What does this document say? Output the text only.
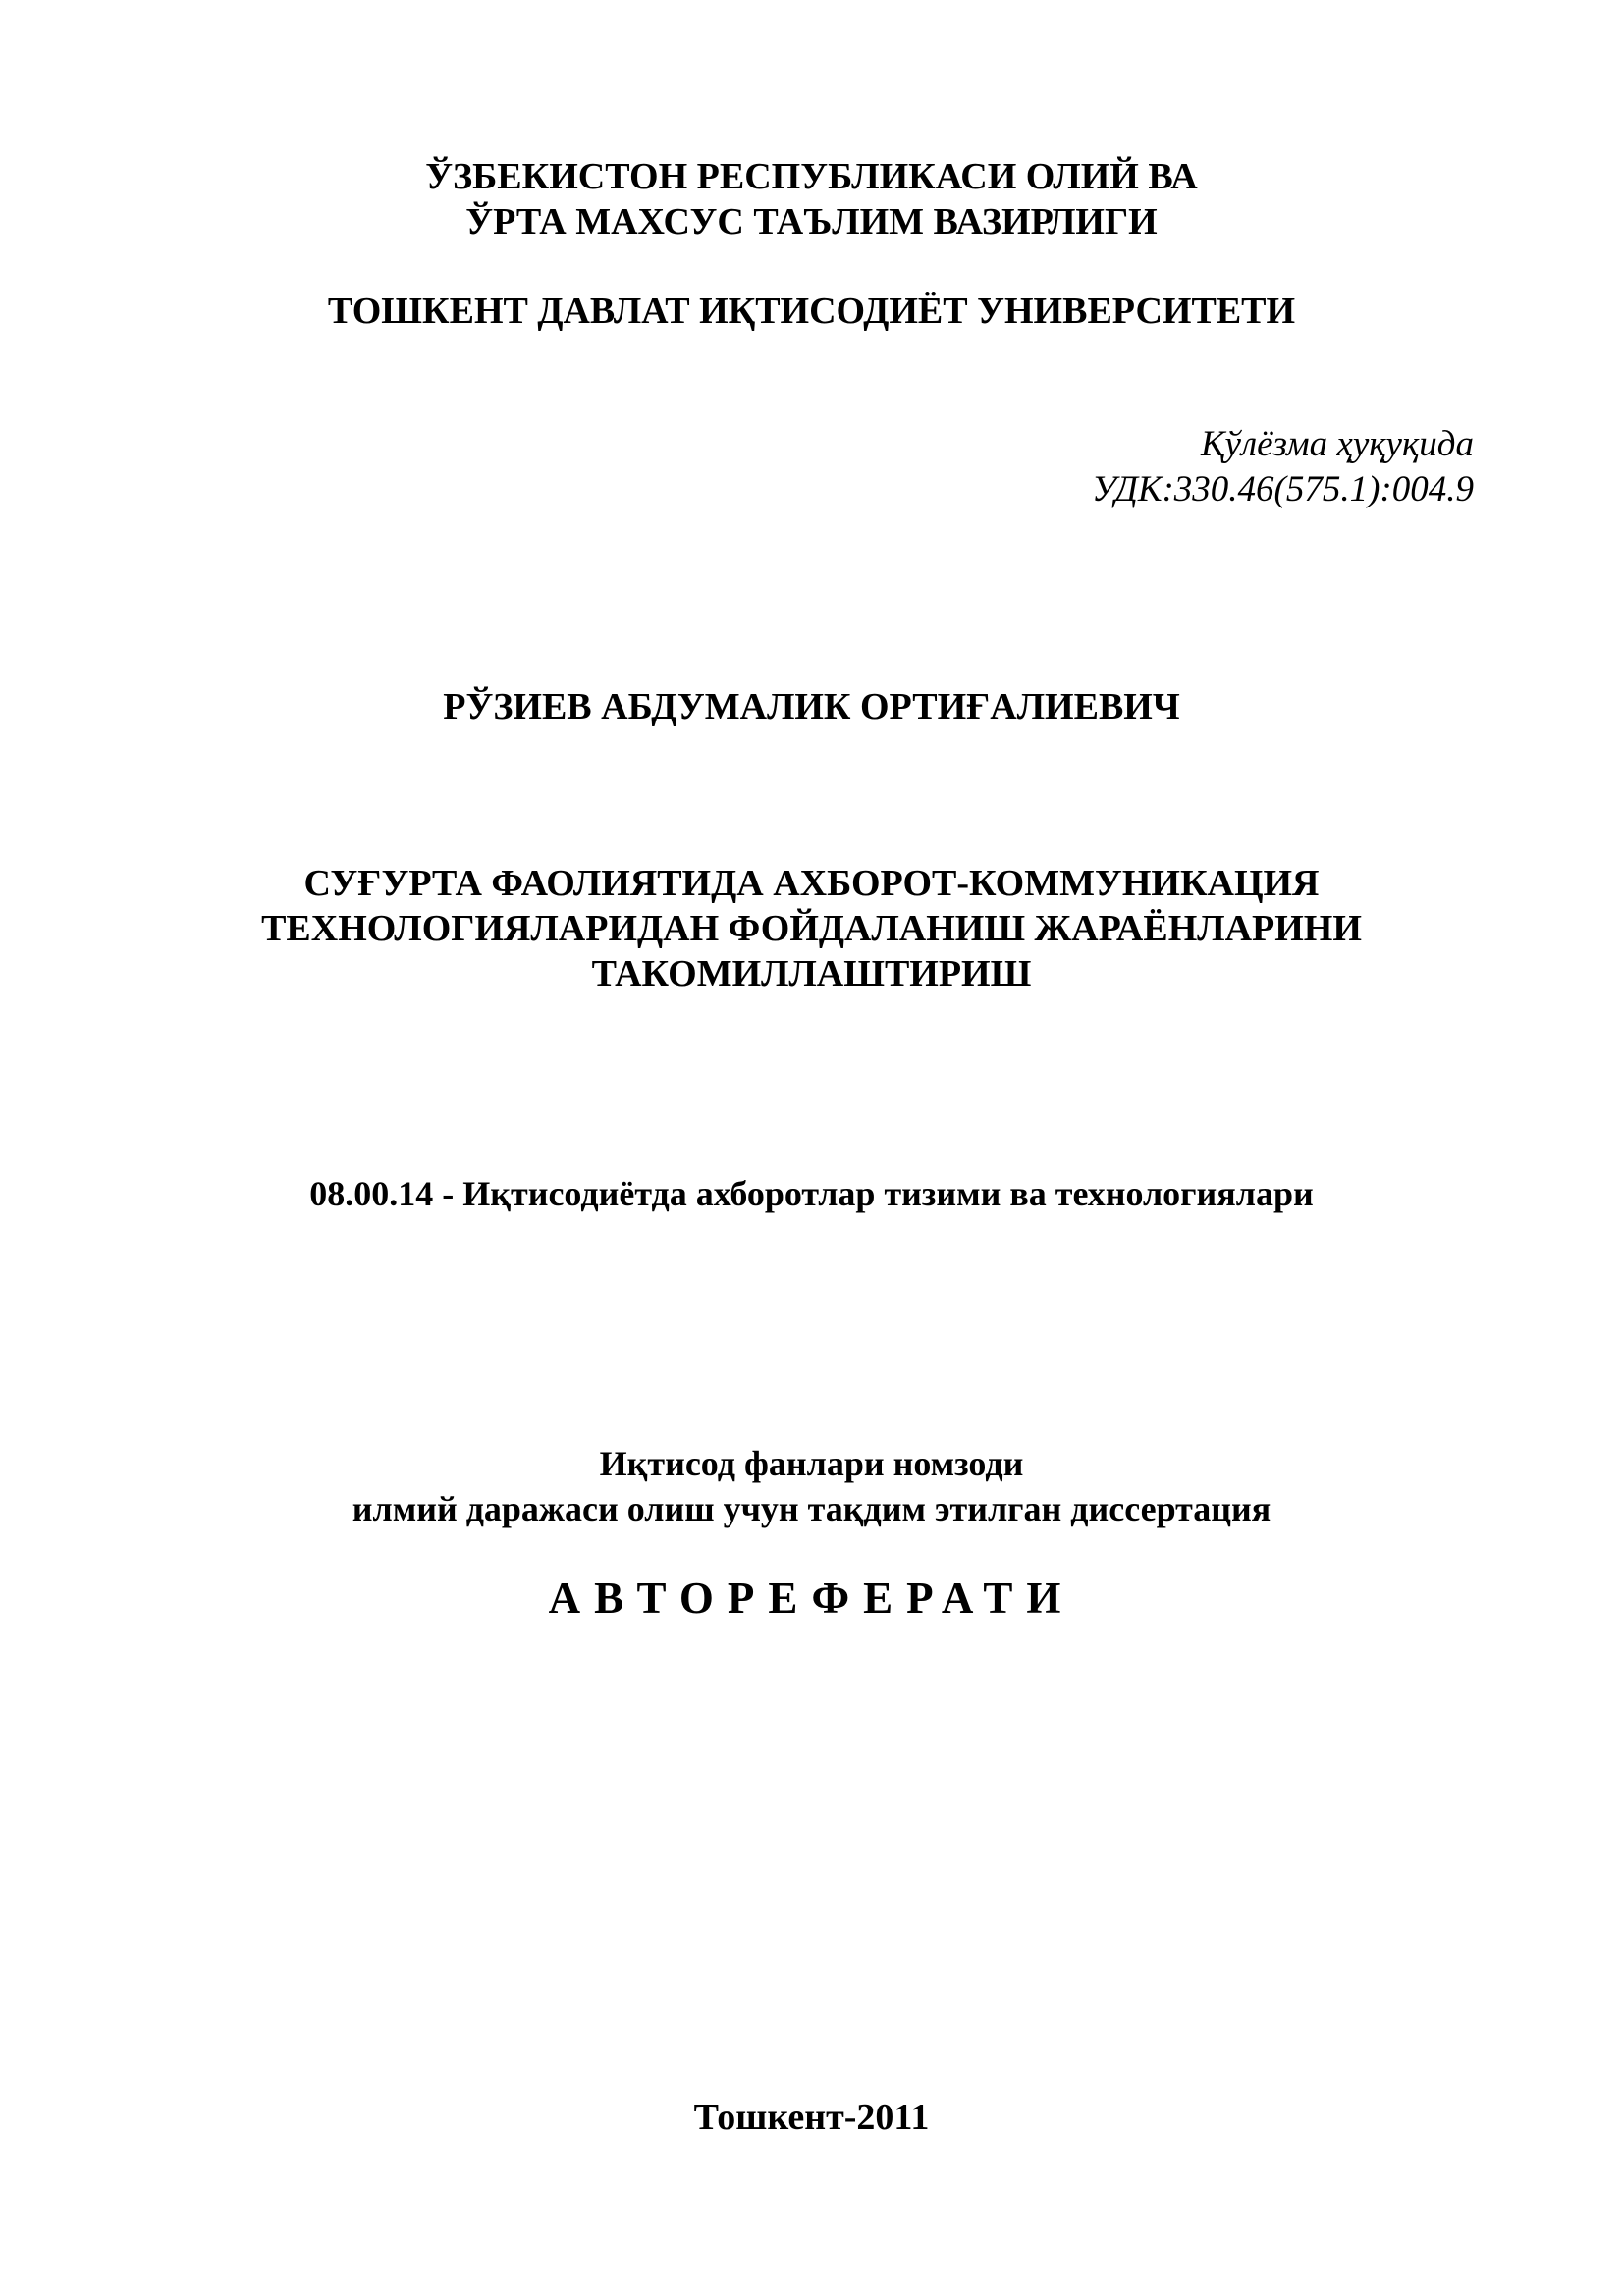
ЎЗБЕКИСТОН РЕСПУБЛИКАСИ ОЛИЙ ВА
ЎРТА МАХСУС ТАЪЛИМ ВАЗИРЛИГИ
ТОШКЕНТ ДАВЛАТ ИҚТИСОДИЁТ УНИВЕРСИТЕТИ
Қўлёзма ҳуқуқида
УДК:330.46(575.1):004.9
РЎЗИЕВ АБДУМАЛИК ОРТИҒАЛИЕВИЧ
СУҒУРТА ФАОЛИЯТИДА АХБОРОТ-КОММУНИКАЦИЯ
ТЕХНОЛОГИЯЛАРИДАН ФОЙДАЛАНИШ ЖАРАЁНЛАРИНИ
ТАКОМИЛЛАШТИРИШ
08.00.14 - Иқтисодиётда ахборотлар тизими ва технологиялари
Иқтисод фанлари номзоди
илмий даражаси олиш учун тақдим этилган диссертация
АВТОРЕФЕРАТИ
Тошкент-2011
